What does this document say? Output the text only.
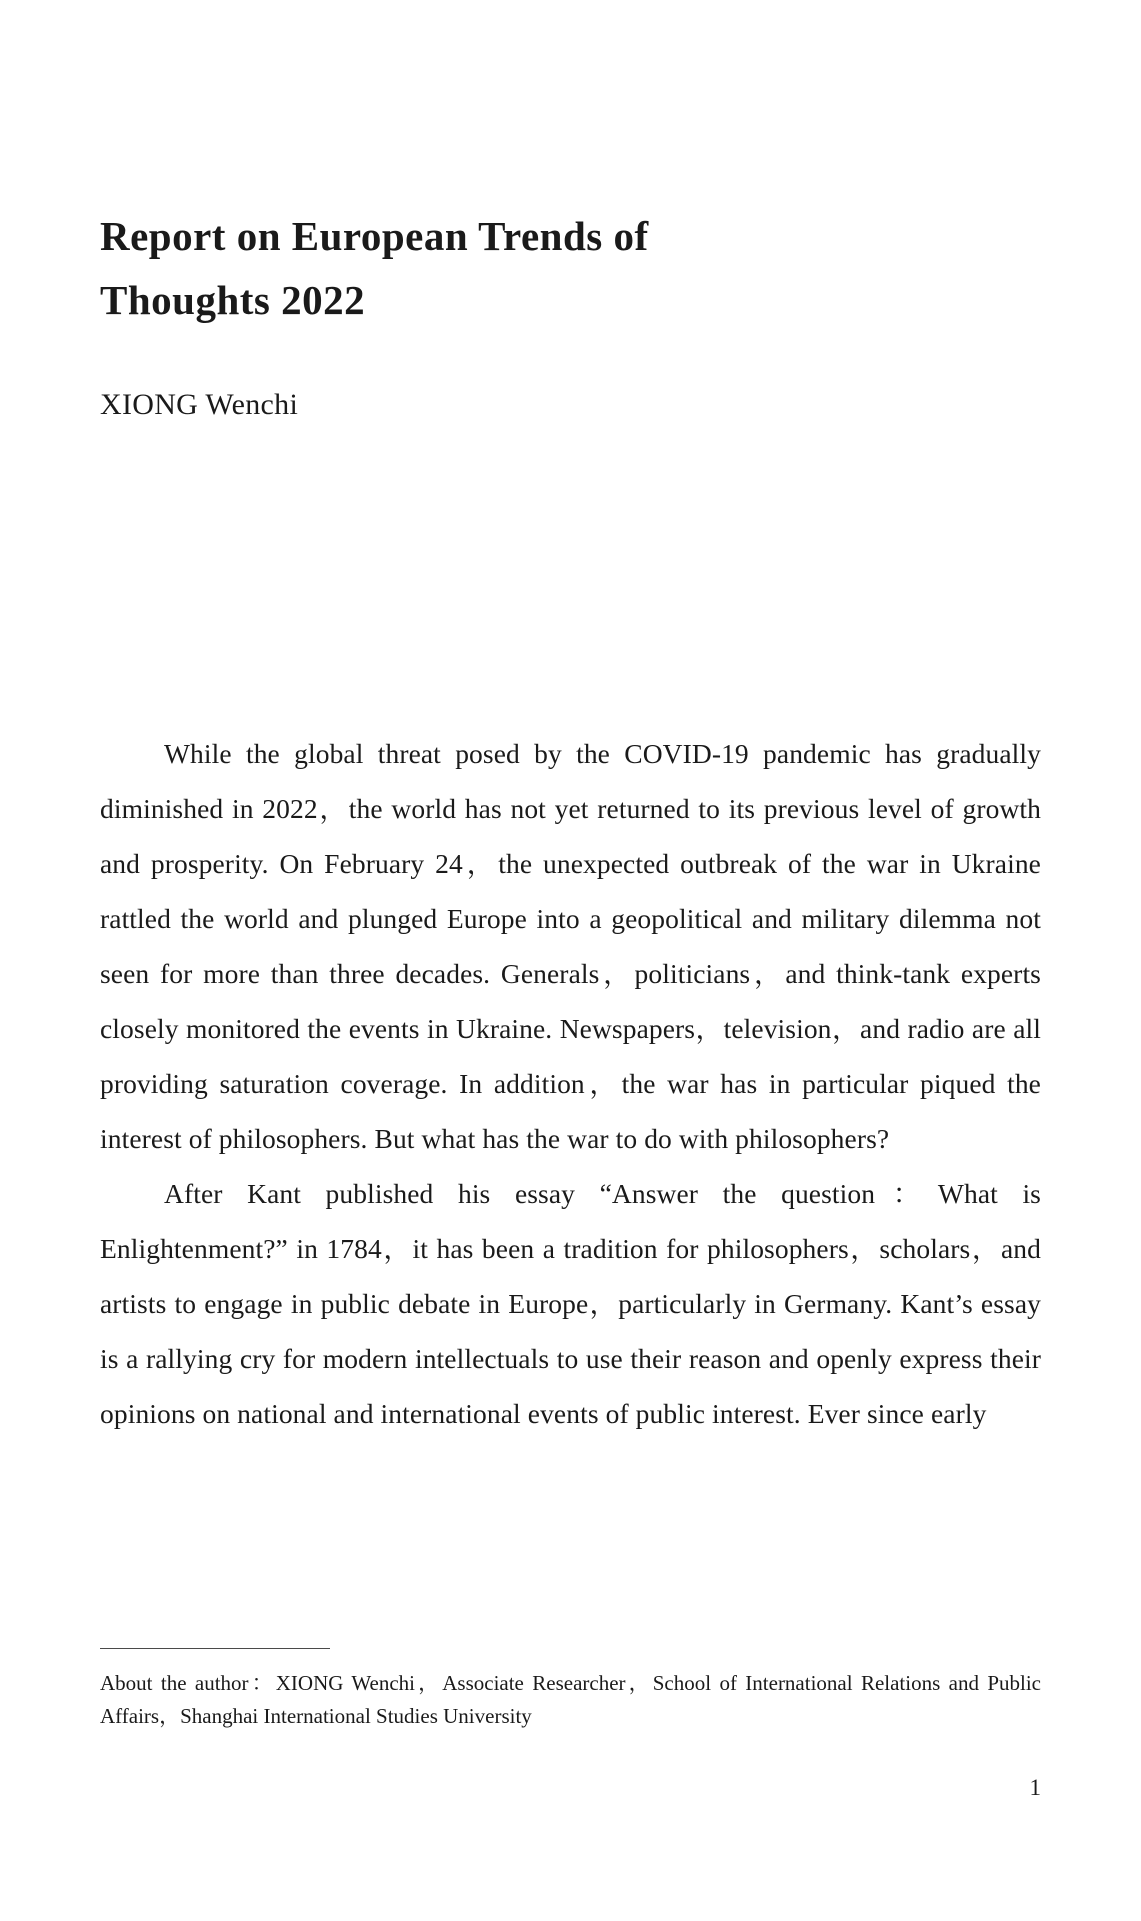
Report on European Trends of Thoughts 2022
XIONG Wenchi

While the global threat posed by the COVID-19 pandemic has gradually diminished in 2022，the world has not yet returned to its previous level of growth and prosperity. On February 24，the unexpected outbreak of the war in Ukraine rattled the world and plunged Europe into a geopolitical and military dilemma not seen for more than three decades. Generals，politicians，and think-tank experts closely monitored the events in Ukraine. Newspapers，television，and radio are all providing saturation coverage. In addition，the war has in particular piqued the interest of philosophers. But what has the war to do with philosophers?

After Kant published his essay “Answer the question：What is Enlightenment?” in 1784，it has been a tradition for philosophers，scholars，and artists to engage in public debate in Europe，particularly in Germany. Kant’s essay is a rallying cry for modern intellectuals to use their reason and openly express their opinions on national and international events of public interest. Ever since early

About the author：XIONG Wenchi，Associate Researcher，School of International Relations and Public Affairs，Shanghai International Studies University

1
